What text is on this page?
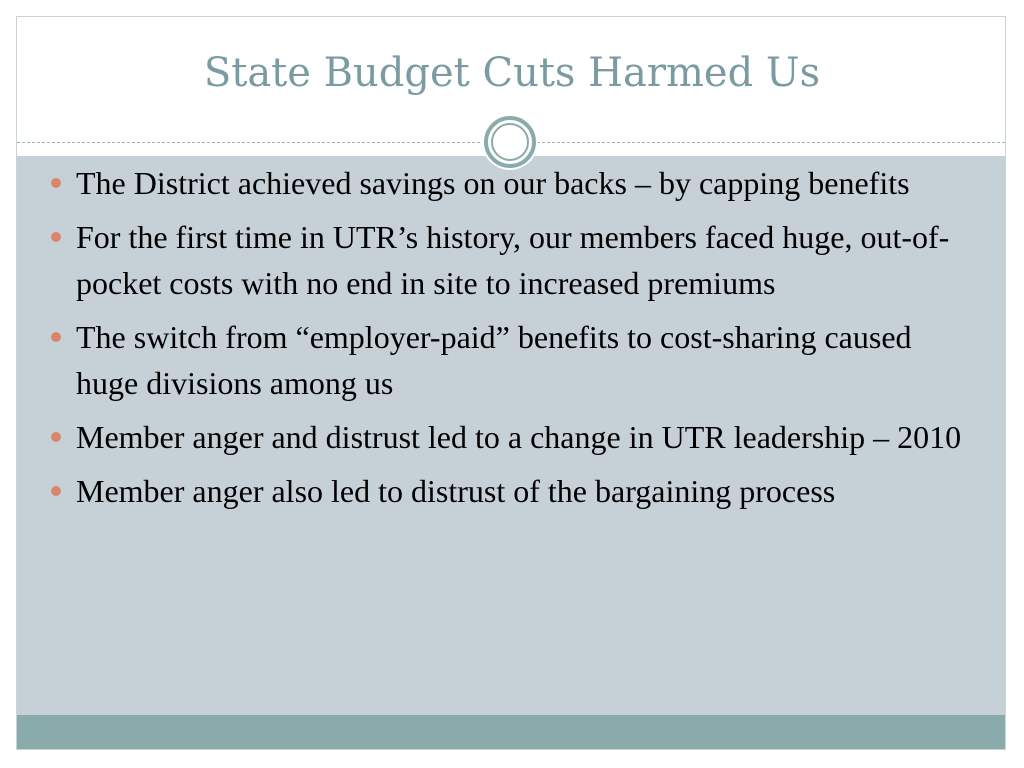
State Budget Cuts Harmed Us
The District achieved savings on our backs – by capping benefits
For the first time in UTR’s history, our members faced huge, out-of-pocket costs with no end in site to increased premiums
The switch from “employer-paid” benefits to cost-sharing caused huge divisions among us
Member anger and distrust led to a change in UTR leadership – 2010
Member anger also led to distrust of the bargaining process
